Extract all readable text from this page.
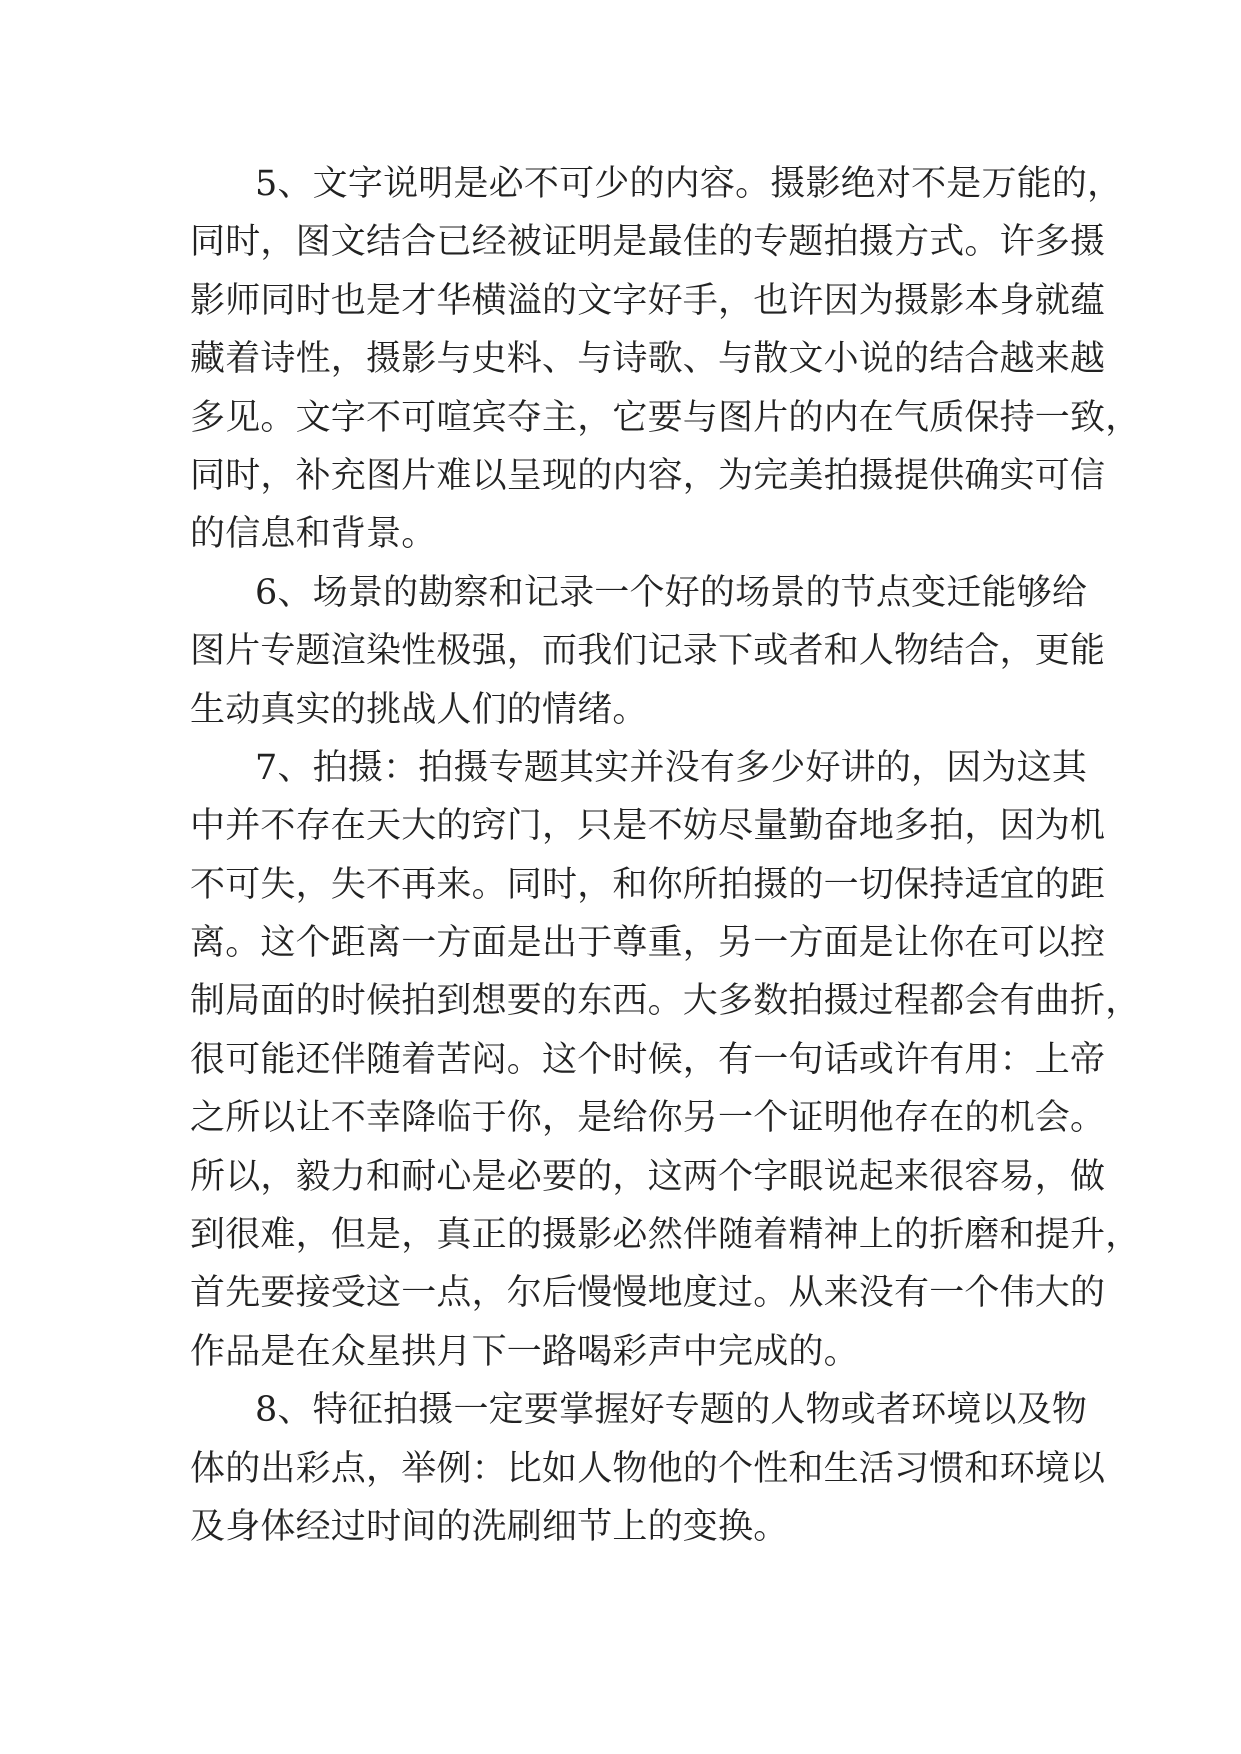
5、文字说明是必不可少的内容。摄影绝对不是万能的，
同时，图文结合已经被证明是最佳的专题拍摄方式。许多摄
影师同时也是才华横溢的文字好手，也许因为摄影本身就蕴
藏着诗性，摄影与史料、与诗歌、与散文小说的结合越来越
多见。文字不可喧宾夺主，它要与图片的内在气质保持一致，
同时，补充图片难以呈现的内容，为完美拍摄提供确实可信
的信息和背景。
6、场景的勘察和记录一个好的场景的节点变迁能够给
图片专题渲染性极强，而我们记录下或者和人物结合，更能
生动真实的挑战人们的情绪。
7、拍摄：拍摄专题其实并没有多少好讲的，因为这其
中并不存在天大的窍门，只是不妨尽量勤奋地多拍，因为机
不可失，失不再来。同时，和你所拍摄的一切保持适宜的距
离。这个距离一方面是出于尊重，另一方面是让你在可以控
制局面的时候拍到想要的东西。大多数拍摄过程都会有曲折，
很可能还伴随着苦闷。这个时候，有一句话或许有用：上帝
之所以让不幸降临于你，是给你另一个证明他存在的机会。
所以，毅力和耐心是必要的，这两个字眼说起来很容易，做
到很难，但是，真正的摄影必然伴随着精神上的折磨和提升，
首先要接受这一点，尔后慢慢地度过。从来没有一个伟大的
作品是在众星拱月下一路喝彩声中完成的。
8、特征拍摄一定要掌握好专题的人物或者环境以及物
体的出彩点，举例：比如人物他的个性和生活习惯和环境以
及身体经过时间的洗刷细节上的变换。
